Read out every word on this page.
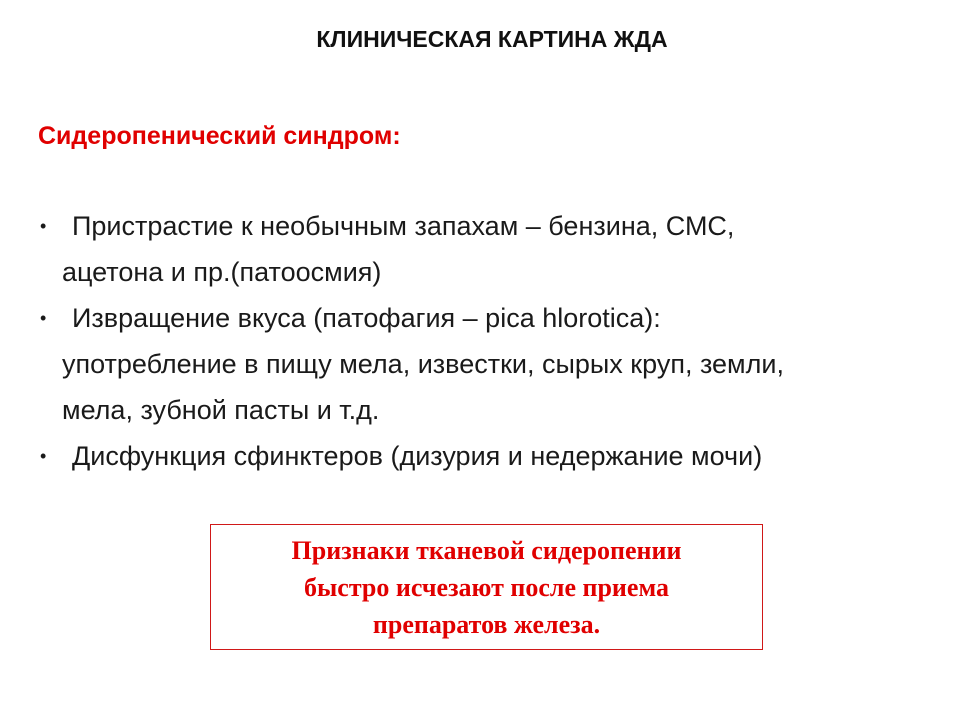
КЛИНИЧЕСКАЯ КАРТИНА ЖДА
Сидеропенический синдром:
• Пристрастие к необычным запахам – бензина, СМС,
ацетона и пр.(патоосмия)
• Извращение вкуса (патофагия – pica hlorotica):
употребление в пищу мела, известки, сырых круп, земли,
мела, зубной пасты и т.д.
• Дисфункция сфинктеров (дизурия и недержание мочи)
Признаки тканевой сидеропении
быстро исчезают после приема
препаратов железа.
